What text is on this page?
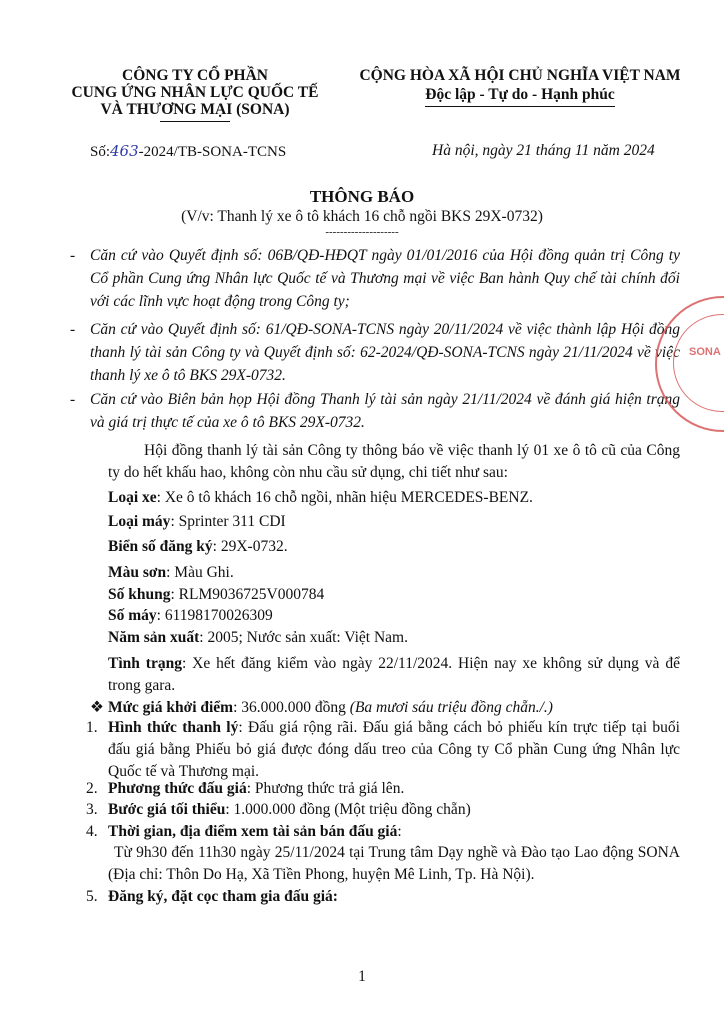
CÔNG TY CỔ PHẦN
CUNG ỨNG NHÂN LỰC QUỐC TẾ
VÀ THƯƠNG MẠI (SONA)
CỘNG HÒA XÃ HỘI CHỦ NGHĨA VIỆT NAM
Độc lập - Tự do - Hạnh phúc
Số:463-2024/TB-SONA-TCNS	Hà nội, ngày 21 tháng 11 năm 2024
THÔNG BÁO
(V/v: Thanh lý xe ô tô khách 16 chỗ ngồi BKS 29X-0732)
--------------------
- Căn cứ vào Quyết định số: 06B/QĐ-HĐQT ngày 01/01/2016 của Hội đồng quản trị Công ty Cổ phần Cung ứng Nhân lực Quốc tế và Thương mại về việc Ban hành Quy chế tài chính đối với các lĩnh vực hoạt động trong Công ty;
- Căn cứ vào Quyết định số: 61/QĐ-SONA-TCNS ngày 20/11/2024 về việc thành lập Hội đồng thanh lý tài sản Công ty và Quyết định số: 62-2024/QĐ-SONA-TCNS ngày 21/11/2024 về việc thanh lý xe ô tô BKS 29X-0732.
- Căn cứ vào Biên bản họp Hội đồng Thanh lý tài sản ngày 21/11/2024 về đánh giá hiện trạng và giá trị thực tế của xe ô tô BKS 29X-0732.
SONA
Hội đồng thanh lý tài sản Công ty thông báo về việc thanh lý 01 xe ô tô cũ của Công ty do hết khấu hao, không còn nhu cầu sử dụng, chi tiết như sau:
Loại xe: Xe ô tô khách 16 chỗ ngồi, nhãn hiệu MERCEDES-BENZ.
Loại máy: Sprinter 311 CDI
Biển số đăng ký: 29X-0732.
Màu sơn: Màu Ghi.
Số khung: RLM9036725V000784
Số máy: 61198170026309
Năm sản xuất: 2005; Nước sản xuất: Việt Nam.
Tình trạng: Xe hết đăng kiểm vào ngày 22/11/2024. Hiện nay xe không sử dụng và để trong gara.
❖ Mức giá khởi điểm: 36.000.000 đồng (Ba mươi sáu triệu đồng chẵn./.)
1. Hình thức thanh lý: Đấu giá rộng rãi. Đấu giá bằng cách bỏ phiếu kín trực tiếp tại buổi đấu giá bằng Phiếu bỏ giá được đóng dấu treo của Công ty Cổ phần Cung ứng Nhân lực Quốc tế và Thương mại.
2. Phương thức đấu giá: Phương thức trả giá lên.
3. Bước giá tối thiểu: 1.000.000 đồng (Một triệu đồng chẵn)
4. Thời gian, địa điểm xem tài sản bán đấu giá:
Từ 9h30 đến 11h30 ngày 25/11/2024 tại Trung tâm Dạy nghề và Đào tạo Lao động SONA (Địa chỉ: Thôn Do Hạ, Xã Tiền Phong, huyện Mê Linh, Tp. Hà Nội).
5. Đăng ký, đặt cọc tham gia đấu giá:
1
